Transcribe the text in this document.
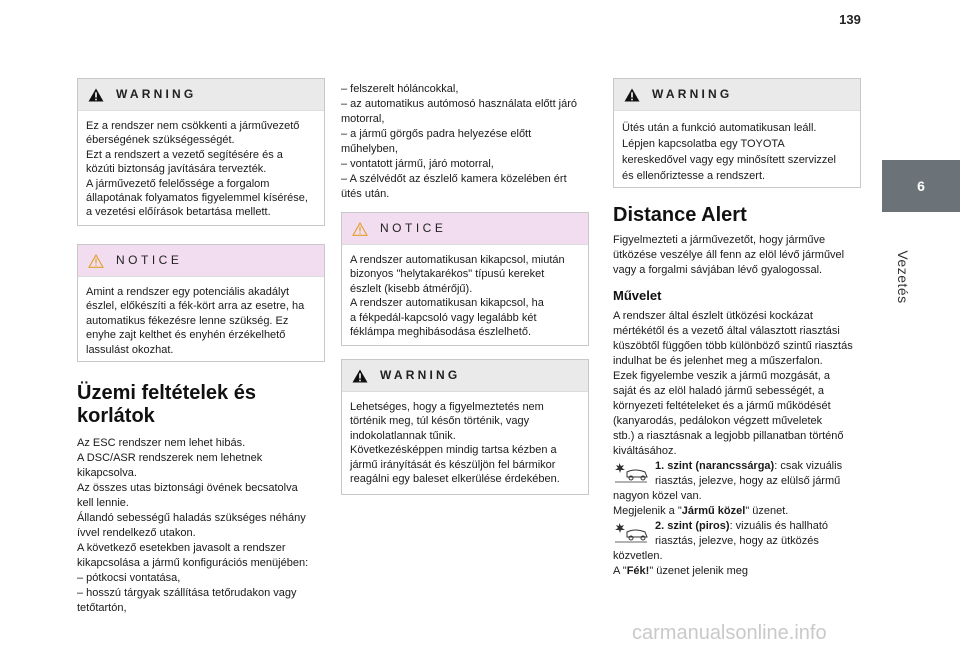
139
6
Vezetés
WARNING

Ez a rendszer nem csökkenti a járművezető

éberségének szükségességét.

Ezt a rendszert a vezető segítésére és a

közúti biztonság javítására tervezték.

A járművezető felelőssége a forgalom

állapotának folyamatos figyelemmel kísérése,

a vezetési előírások betartása mellett.

NOTICE

Amint a rendszer egy potenciális akadályt

észlel, előkészíti a fék-kört arra az esetre, ha

automatikus fékezésre lenne szükség. Ez

enyhe zajt kelthet és enyhén érzékelhető

lassulást okozhat.

Üzemi feltételek és korlátok

Az ESC rendszer nem lehet hibás.

A DSC/ASR rendszerek nem lehetnek

kikapcsolva.

Az összes utas biztonsági övének becsatolva

kell lennie.

Állandó sebességű haladás szükséges néhány

ívvel rendelkező utakon.

A következő esetekben javasolt a rendszer

kikapcsolása a jármű konfigurációs menüjében:

– pótkocsi vontatása,

– hosszú tárgyak szállítása tetőrudakon vagy

tetőtartón,

– felszerelt hóláncokkal,

– az automatikus autómosó használata előtt járó

motorral,

– a jármű görgős padra helyezése előtt

műhelyben,

– vontatott jármű, járó motorral,

– A szélvédőt az észlelő kamera közelében ért

ütés után.

NOTICE

A rendszer automatikusan kikapcsol, miután

bizonyos "helytakarékos" típusú kereket

észlelt (kisebb átmérőjű).

A rendszer automatikusan kikapcsol, ha

a fékpedál-kapcsoló vagy legalább két

féklámpa meghibásodása észlelhető.

WARNING

Lehetséges, hogy a figyelmeztetés nem

történik meg, túl későn történik, vagy

indokolatlannak tűnik.

Következésképpen mindig tartsa kézben a

jármű irányítását és készüljön fel bármikor

reagálni egy baleset elkerülése érdekében.

WARNING

Ütés után a funkció automatikusan leáll.

Lépjen kapcsolatba egy TOYOTA

kereskedővel vagy egy minősített szervizzel

és ellenőriztesse a rendszert.

Distance Alert

Figyelmezteti a járművezetőt, hogy járműve

ütközése veszélye áll fenn az elöl lévő járművel

vagy a forgalmi sávjában lévő gyalogossal.

Művelet

A rendszer által észlelt ütközési kockázat

mértékétől és a vezető által választott riasztási

küszöbtől függően több különböző szintű riasztás

indulhat be és jelenhet meg a műszerfalon.

Ezek figyelembe veszik a jármű mozgását, a

saját és az elöl haladó jármű sebességét, a

környezeti feltételeket és a jármű működését

(kanyarodás, pedálokon végzett műveletek

stb.) a riasztásnak a legjobb pillanatban történő

kiváltásához.

1. szint (narancssárga): csak vizuális

riasztás, jelezve, hogy az elülső jármű

nagyon közel van.

Megjelenik a "Jármű közel" üzenet.

2. szint (piros): vizuális és hallható

riasztás, jelezve, hogy az ütközés

közvetlen.

A "Fék!" üzenet jelenik meg

carmanualsonline.info
